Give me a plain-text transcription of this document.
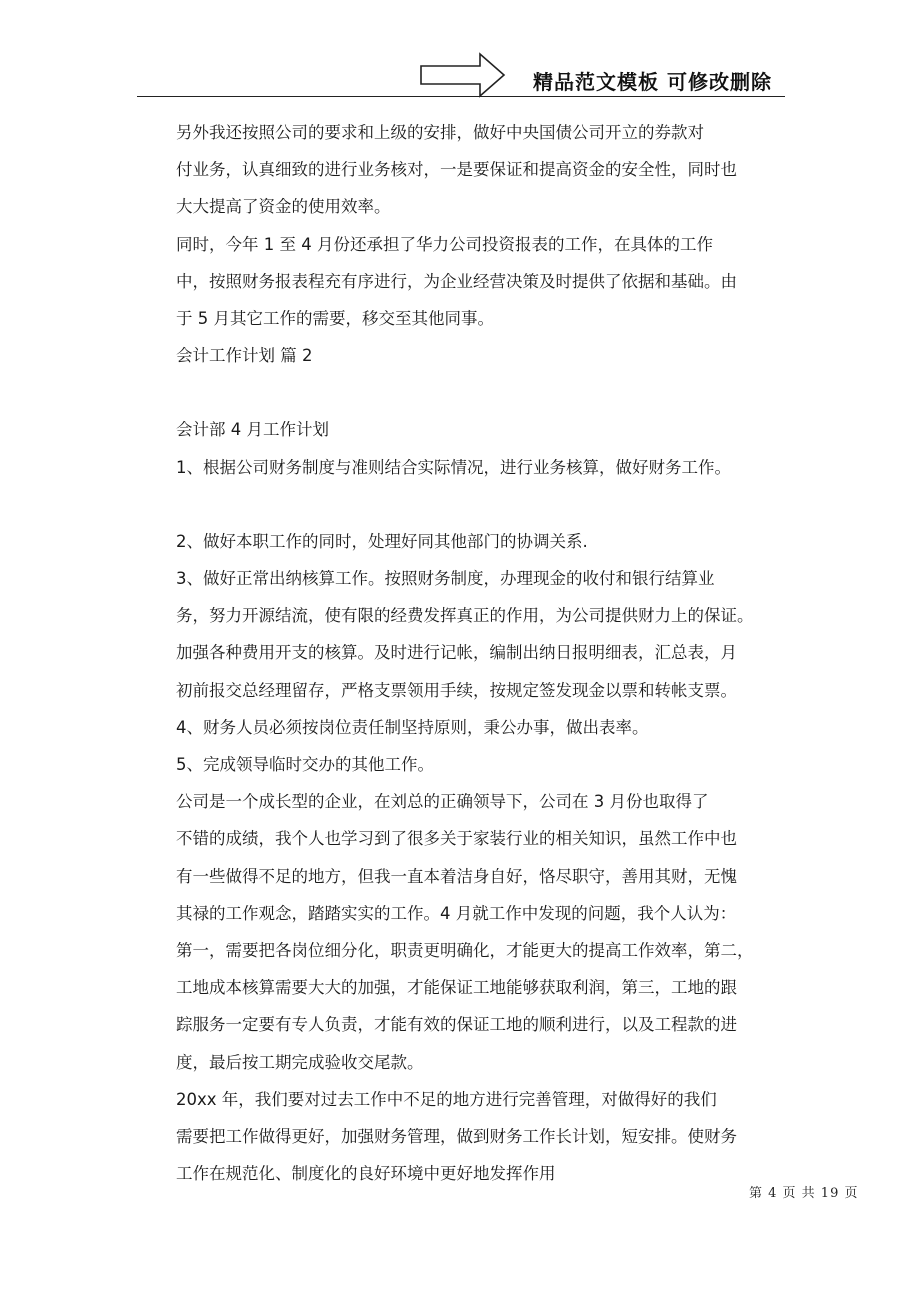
精品范文模板 可修改删除

另外我还按照公司的要求和上级的安排，做好中央国债公司开立的券款对
付业务，认真细致的进行业务核对，一是要保证和提高资金的安全性，同时也
大大提高了资金的使用效率。

同时，今年 1 至 4 月份还承担了华力公司投资报表的工作，在具体的工作
中，按照财务报表程充有序进行，为企业经营决策及时提供了依据和基础。由
于 5 月其它工作的需要，移交至其他同事。

会计工作计划 篇 2

会计部 4 月工作计划

1、根据公司财务制度与准则结合实际情况，进行业务核算，做好财务工作。

2、做好本职工作的同时，处理好同其他部门的协调关系.

3、做好正常出纳核算工作。按照财务制度，办理现金的收付和银行结算业
务，努力开源结流，使有限的经费发挥真正的作用，为公司提供财力上的保证。
加强各种费用开支的核算。及时进行记帐，编制出纳日报明细表，汇总表，月
初前报交总经理留存，严格支票领用手续，按规定签发现金以票和转帐支票。

4、财务人员必须按岗位责任制坚持原则，秉公办事，做出表率。

5、完成领导临时交办的其他工作。

公司是一个成长型的企业，在刘总的正确领导下，公司在 3 月份也取得了
不错的成绩，我个人也学习到了很多关于家装行业的相关知识，虽然工作中也
有一些做得不足的地方，但我一直本着洁身自好，恪尽职守，善用其财，无愧
其禄的工作观念，踏踏实实的工作。4 月就工作中发现的问题，我个人认为：
第一，需要把各岗位细分化，职责更明确化，才能更大的提高工作效率，第二，
工地成本核算需要大大的加强，才能保证工地能够获取利润，第三，工地的跟
踪服务一定要有专人负责，才能有效的保证工地的顺利进行，以及工程款的进
度，最后按工期完成验收交尾款。

20xx 年，我们要对过去工作中不足的地方进行完善管理，对做得好的我们
需要把工作做得更好，加强财务管理，做到财务工作长计划，短安排。使财务
工作在规范化、制度化的良好环境中更好地发挥作用

第 4 页 共 19 页
